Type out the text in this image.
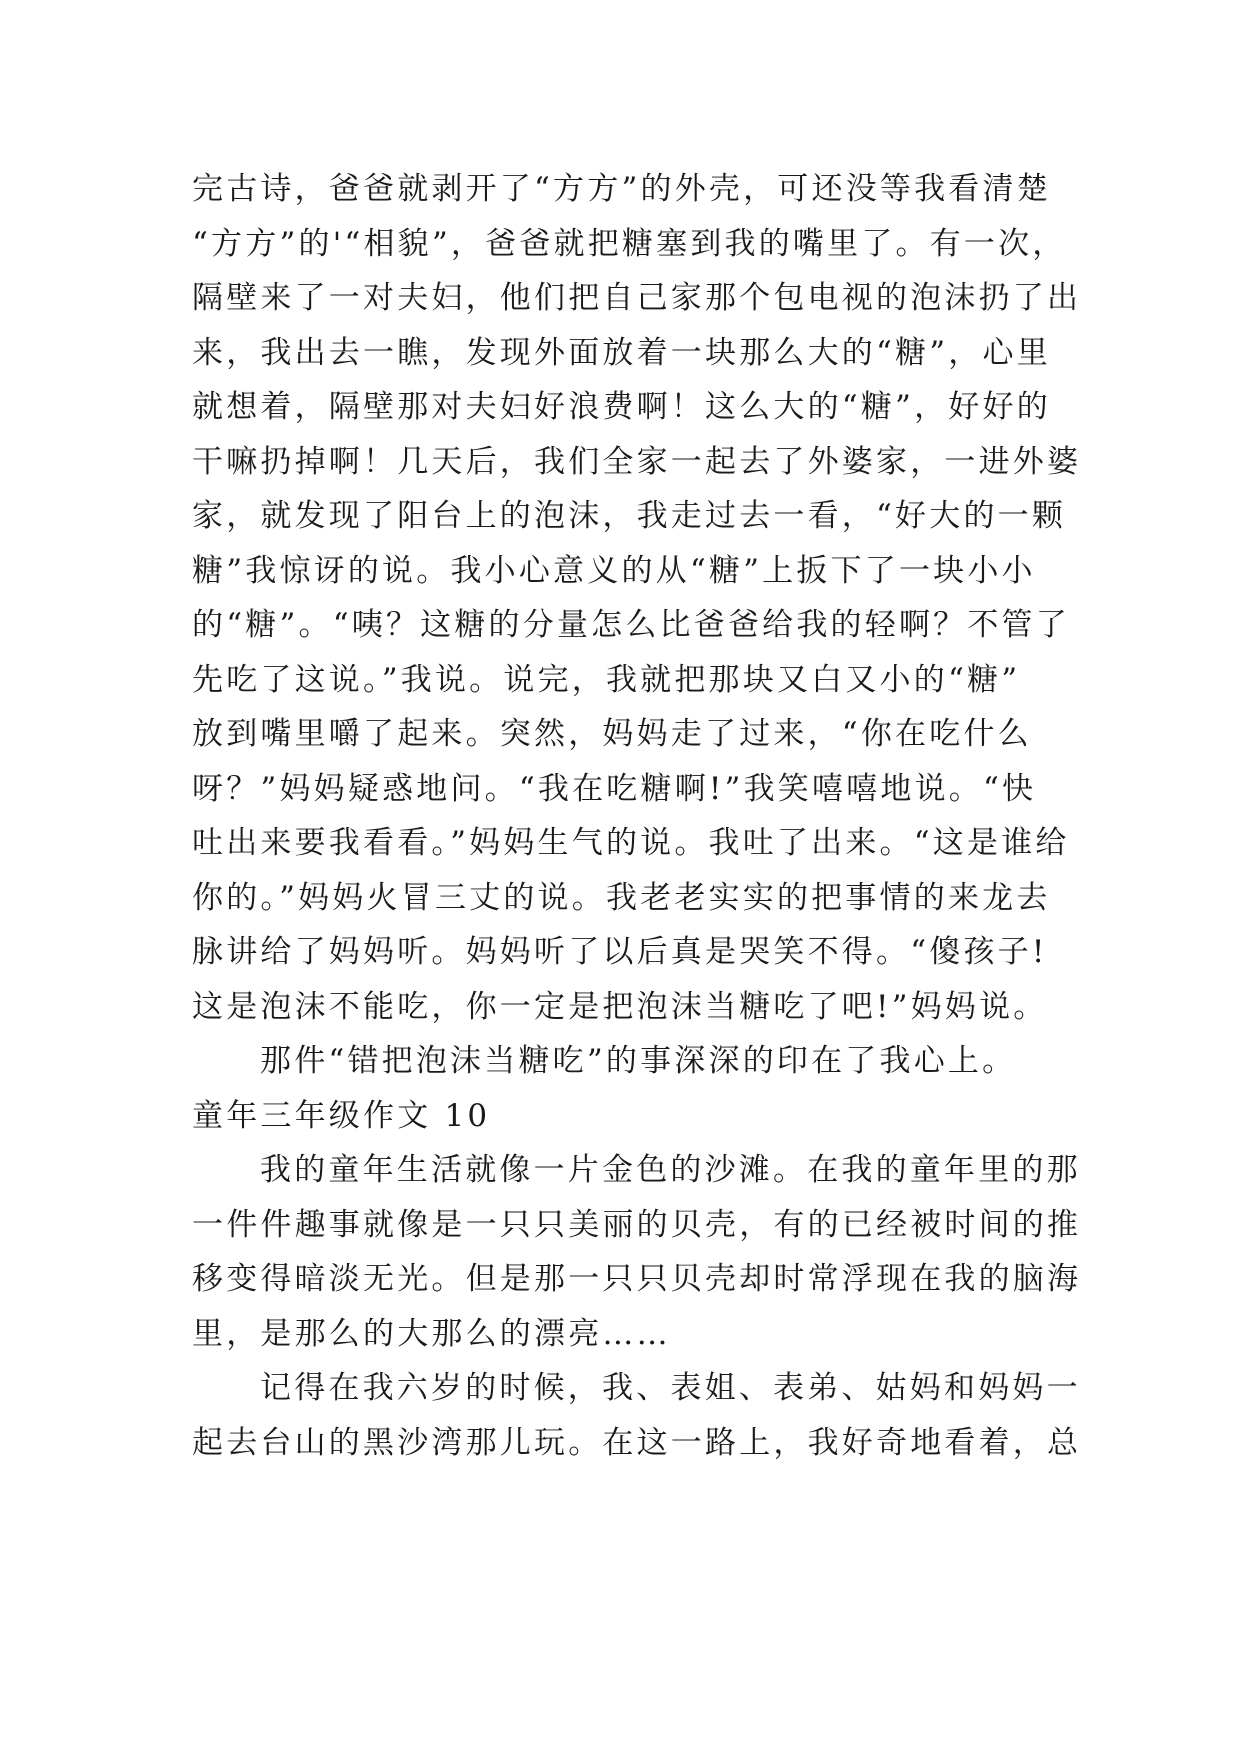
完古诗，爸爸就剥开了“方方”的外壳，可还没等我看清楚
“方方”的'“相貌”，爸爸就把糖塞到我的嘴里了。有一次，
隔壁来了一对夫妇，他们把自己家那个包电视的泡沫扔了出
来，我出去一瞧，发现外面放着一块那么大的“糖”，心里
就想着，隔壁那对夫妇好浪费啊！这么大的“糖”，好好的
干嘛扔掉啊！几天后，我们全家一起去了外婆家，一进外婆
家，就发现了阳台上的泡沫，我走过去一看，“好大的一颗
糖”我惊讶的说。我小心意义的从“糖”上扳下了一块小小
的“糖”。“咦？这糖的分量怎么比爸爸给我的轻啊？不管了
先吃了这说。”我说。说完，我就把那块又白又小的“糖”
放到嘴里嚼了起来。突然，妈妈走了过来，“你在吃什么
呀？”妈妈疑惑地问。“我在吃糖啊!”我笑嘻嘻地说。“快
吐出来要我看看。”妈妈生气的说。我吐了出来。“这是谁给
你的。”妈妈火冒三丈的说。我老老实实的把事情的来龙去
脉讲给了妈妈听。妈妈听了以后真是哭笑不得。“傻孩子!
这是泡沫不能吃，你一定是把泡沫当糖吃了吧!”妈妈说。
那件“错把泡沫当糖吃”的事深深的印在了我心上。
童年三年级作文 10
我的童年生活就像一片金色的沙滩。在我的童年里的那
一件件趣事就像是一只只美丽的贝壳，有的已经被时间的推
移变得暗淡无光。但是那一只只贝壳却时常浮现在我的脑海
里，是那么的大那么的漂亮……
记得在我六岁的时候，我、表姐、表弟、姑妈和妈妈一
起去台山的黑沙湾那儿玩。在这一路上，我好奇地看着，总
